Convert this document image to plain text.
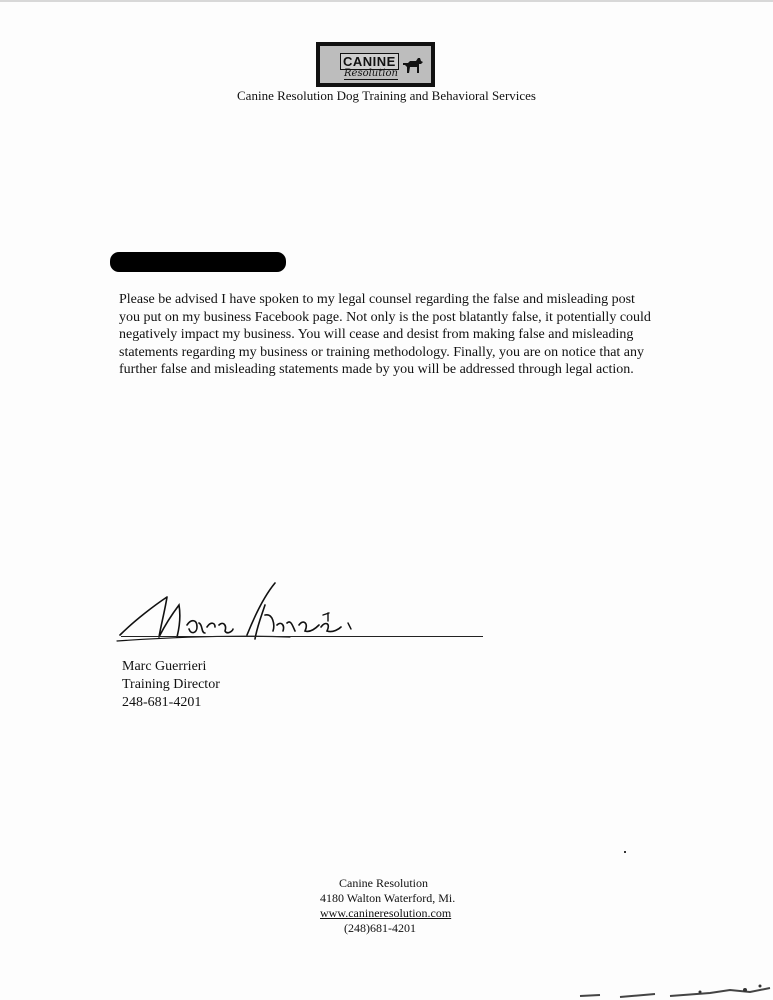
CANINE
Resolution
Canine Resolution Dog Training and Behavioral Services
Please be advised I have spoken to my legal counsel regarding the false and misleading post you put on my business Facebook page. Not only is the post blatantly false, it potentially could negatively impact my business. You will cease and desist from making false and misleading statements regarding my business or training methodology. Finally, you are on notice that any further false and misleading statements made by you will be addressed through legal action.
Marc Guerrieri
Training Director
248-681-4201
Canine Resolution
4180 Walton Waterford, Mi.
www.canineresolution.com
(248)681-4201
